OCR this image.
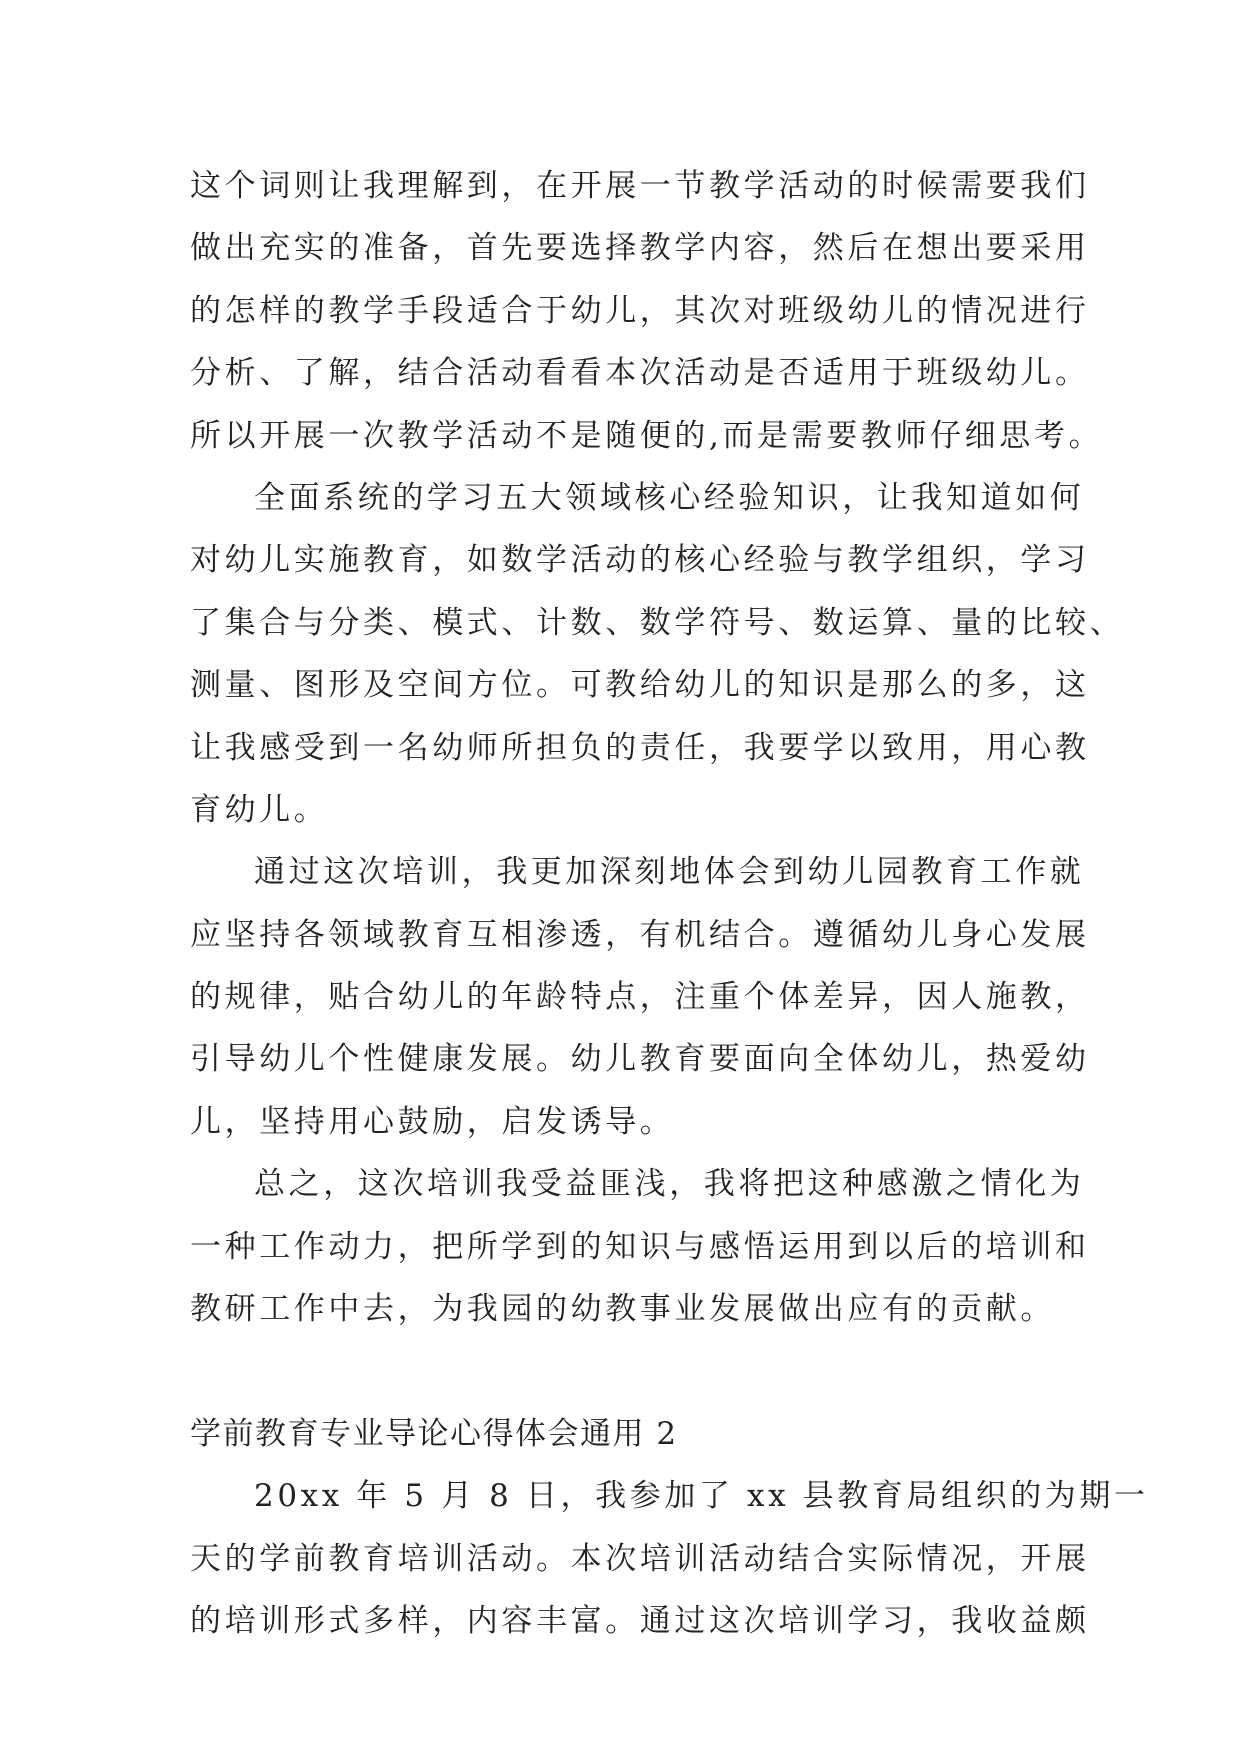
这个词则让我理解到，在开展一节教学活动的时候需要我们
做出充实的准备，首先要选择教学内容，然后在想出要采用
的怎样的教学手段适合于幼儿，其次对班级幼儿的情况进行
分析、了解，结合活动看看本次活动是否适用于班级幼儿。
所以开展一次教学活动不是随便的,而是需要教师仔细思考。
全面系统的学习五大领域核心经验知识，让我知道如何
对幼儿实施教育，如数学活动的核心经验与教学组织，学习
了集合与分类、模式、计数、数学符号、数运算、量的比较、
测量、图形及空间方位。可教给幼儿的知识是那么的多，这
让我感受到一名幼师所担负的责任，我要学以致用，用心教
育幼儿。
通过这次培训，我更加深刻地体会到幼儿园教育工作就
应坚持各领域教育互相渗透，有机结合。遵循幼儿身心发展
的规律，贴合幼儿的年龄特点，注重个体差异，因人施教，
引导幼儿个性健康发展。幼儿教育要面向全体幼儿，热爱幼
儿，坚持用心鼓励，启发诱导。
总之，这次培训我受益匪浅，我将把这种感激之情化为
一种工作动力，把所学到的知识与感悟运用到以后的培训和
教研工作中去，为我园的幼教事业发展做出应有的贡献。
学前教育专业导论心得体会通用 2
20xx 年 5 月 8 日，我参加了 xx 县教育局组织的为期一
天的学前教育培训活动。本次培训活动结合实际情况，开展
的培训形式多样，内容丰富。通过这次培训学习，我收益颇
